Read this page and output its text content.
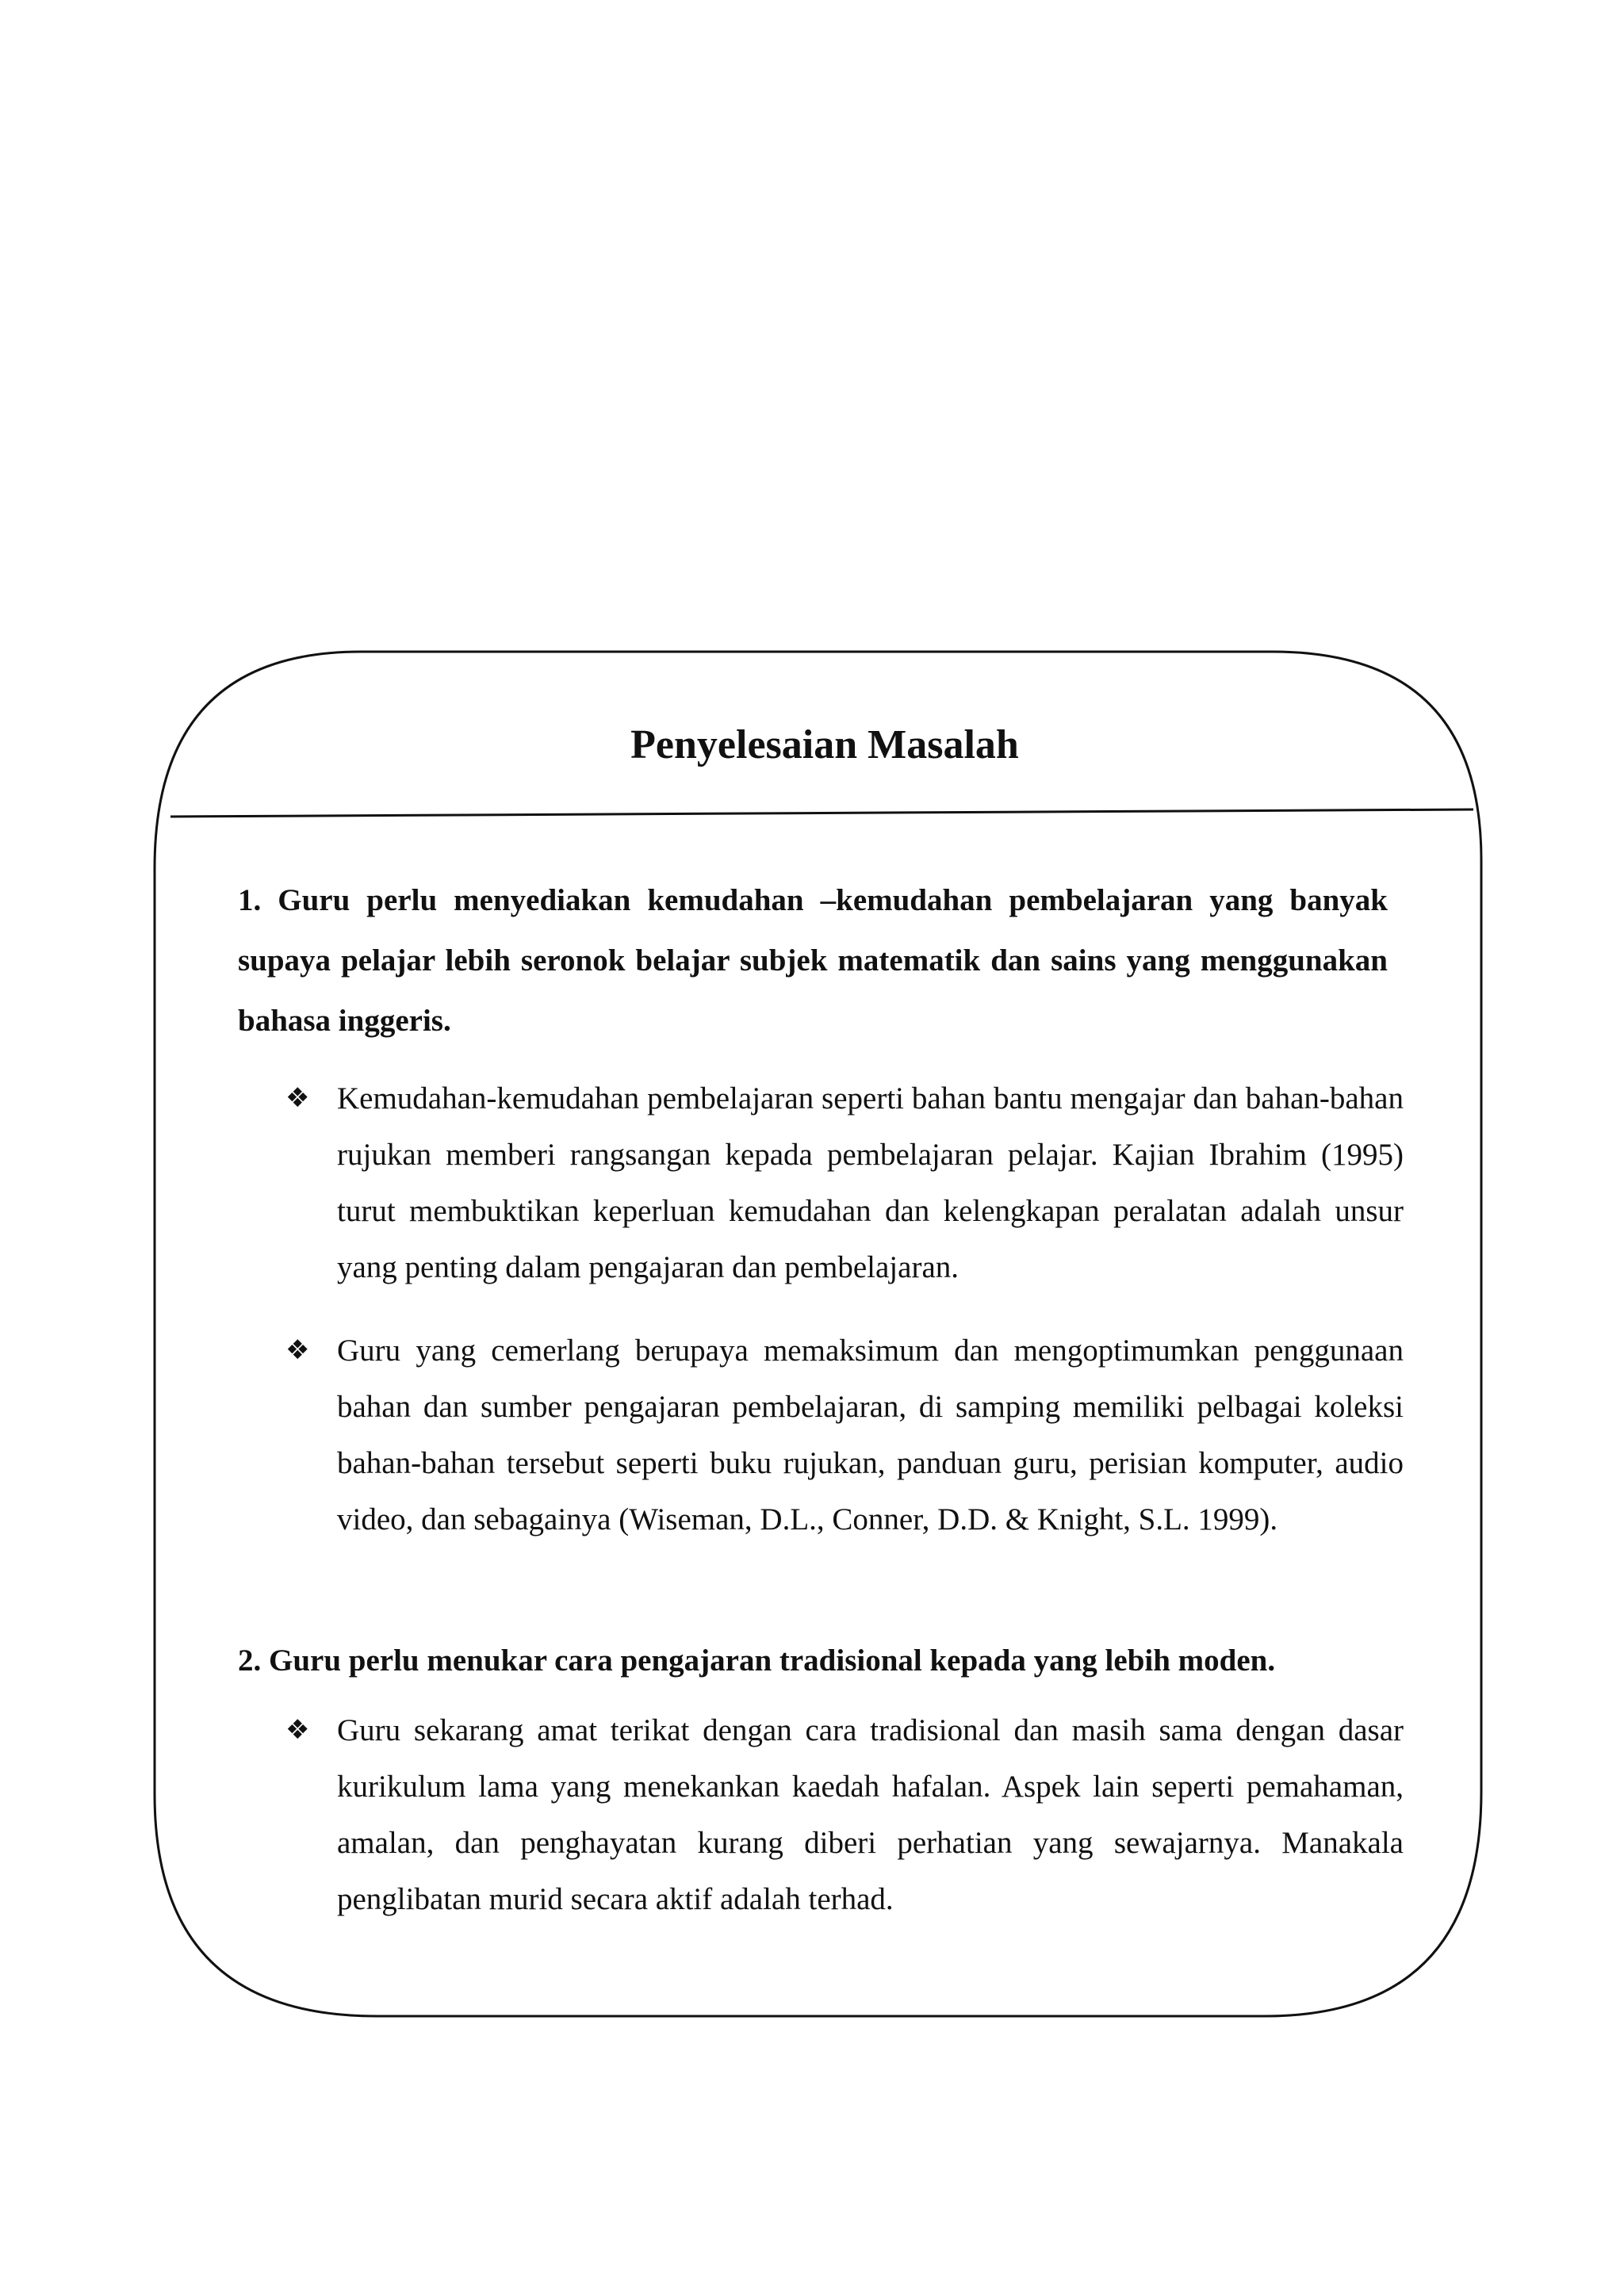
Penyelesaian Masalah

1. Guru perlu menyediakan kemudahan –kemudahan pembelajaran yang banyak supaya pelajar lebih seronok belajar subjek matematik dan sains yang menggunakan bahasa inggeris.

❖ Kemudahan-kemudahan pembelajaran seperti bahan bantu mengajar dan bahan-bahan rujukan memberi rangsangan kepada pembelajaran pelajar. Kajian Ibrahim (1995) turut membuktikan keperluan kemudahan dan kelengkapan peralatan adalah unsur yang penting dalam pengajaran dan pembelajaran.

❖ Guru yang cemerlang berupaya memaksimum dan mengoptimumkan penggunaan bahan dan sumber pengajaran pembelajaran, di samping memiliki pelbagai koleksi bahan-bahan tersebut seperti buku rujukan, panduan guru, perisian komputer, audio video, dan sebagainya (Wiseman, D.L., Conner, D.D. & Knight, S.L. 1999).

2. Guru perlu menukar cara pengajaran tradisional kepada yang lebih moden.

❖ Guru sekarang amat terikat dengan cara tradisional dan masih sama dengan dasar kurikulum lama yang menekankan kaedah hafalan. Aspek lain seperti pemahaman, amalan, dan penghayatan kurang diberi perhatian yang sewajarnya. Manakala penglibatan murid secara aktif adalah terhad.
